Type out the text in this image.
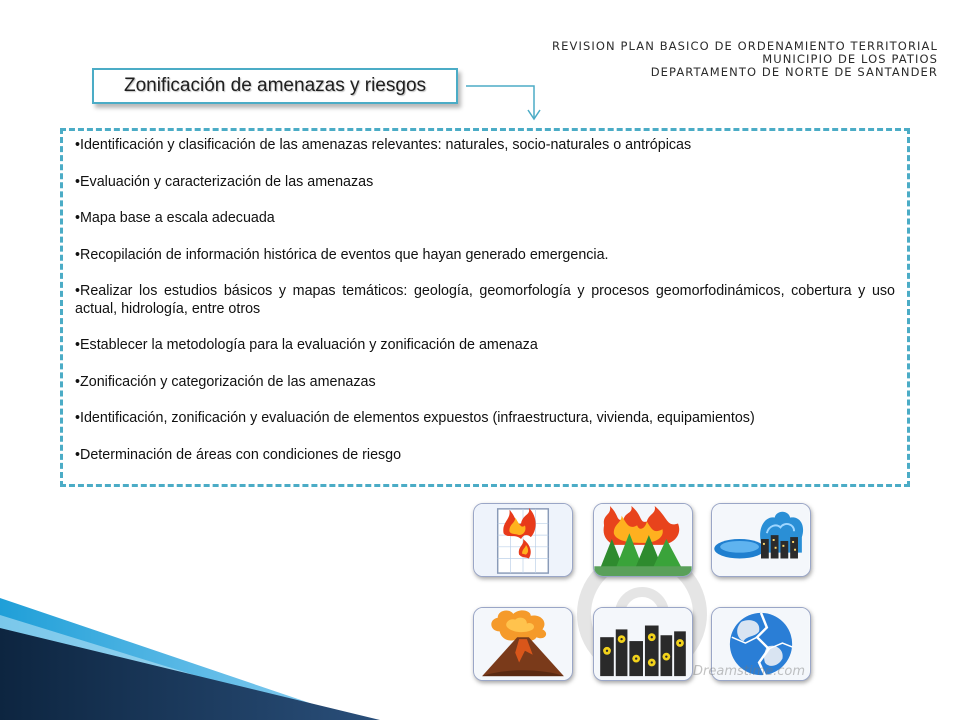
REVISION PLAN BASICO DE ORDENAMIENTO TERRITORIAL
MUNICIPIO DE LOS PATIOS
DEPARTAMENTO DE NORTE DE SANTANDER
Zonificación de amenazas y riesgos

•Identificación y clasificación de las amenazas relevantes: naturales, socio-naturales o antrópicas

•Evaluación y caracterización de las amenazas

•Mapa base a escala adecuada

•Recopilación de información histórica de eventos que hayan generado emergencia.

•Realizar los estudios básicos y mapas temáticos: geología, geomorfología y procesos geomorfodinámicos, cobertura y uso actual, hidrología, entre otros

•Establecer la metodología para la evaluación y zonificación de amenaza

•Zonificación y categorización de las amenazas

•Identificación, zonificación y evaluación de elementos expuestos (infraestructura, vivienda, equipamientos)

•Determinación de áreas con condiciones de riesgo

Dreamstime.com
